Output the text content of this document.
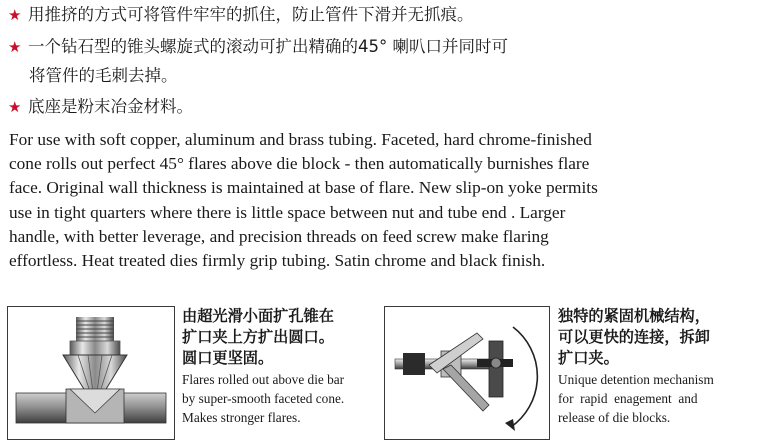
★ 用推挤的方式可将管件牢牢的抓住，防止管件下滑并无抓痕。
★ 一个钻石型的锥头螺旋式的滚动可扩出精确的45° 喇叭口并同时可
将管件的毛刺去掉。
★ 底座是粉末冶金材料。
For use with soft copper, aluminum and brass tubing. Faceted, hard chrome-finished
cone rolls out perfect 45° flares above die block - then automatically burnishes flare
face. Original wall thickness is maintained at base of flare. New slip-on yoke permits
use in tight quarters where there is little space between nut and tube end . Larger
handle, with better leverage, and precision threads on feed screw make flaring
effortless. Heat treated dies firmly grip tubing. Satin chrome and black finish.
由超光滑小面扩孔锥在
扩口夹上方扩出圆口。
圆口更坚固。
Flares rolled out above die bar
by super-smooth faceted cone.
Makes stronger flares.
独特的紧固机械结构，
可以更快的连接，拆卸
扩口夹。
Unique detention mechanism
for  rapid  enagement  and
release of die blocks.
